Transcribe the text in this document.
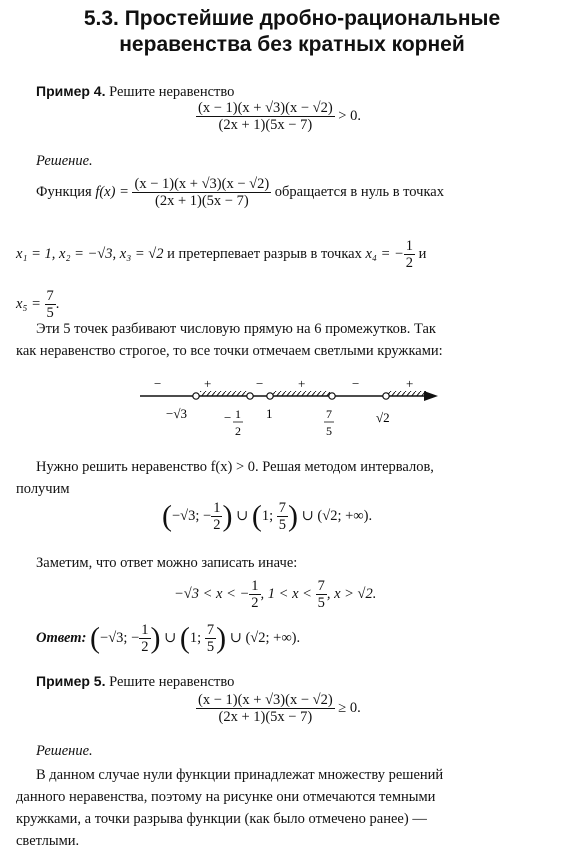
5.3. Простейшие дробно-рациональные
неравенства без кратных корней
Пример 4. Решите неравенство
$\frac{(x - 1)(x + √3)(x - √2)}{(2x + 1)(5x - 7)} > 0$.
Решение.
Функция $f(x) = \frac{(x - 1)(x + √3)(x - √2)}{(2x + 1)(5x - 7)}$ обращается в нуль в точках
x₁ = 1, x₂ = −√3, x₃ = √2 и претерпевает разрыв в точках x₄ = − $\frac{1}{2}$ и
$x_5 = \frac{7}{5}$ .
Эти 5 точек разбивают числовую прямую на 6 промежутков. Так
как неравенство строгое, то все точки отмечаем светлыми кружками:
−	+	−	+	−	+
−√3	− 1
2
1	7
5
√2
Нужно решить неравенство f(x) > 0. Решая методом интервалов,
получим
(−√3; − $\frac{1}{2}$ ) ∪ (1; $\frac{7}{5}$ ) ∪ (√2; +∞).
Заметим, что ответ можно записать иначе:
−√3 < x < − $\frac{1}{2}$ , $1 < x < \frac{7}{5}$ , x > √2.
Ответ: (−√3; − $\frac{1}{2}$ ) ∪ (1; $\frac{7}{5}$ ) ∪ (√2; +∞).
Пример 5. Решите неравенство
$\frac{(x - 1)(x + √3)(x - √2)}{(2x + 1)(5x - 7)} \ge 0$.
Решение.
В данном случае нули функции принадлежат множеству решений
данного неравенства, поэтому на рисунке они отмечаются темными
кружками, а точки разрыва функции (как было отмечено ранее) —
светлыми.
